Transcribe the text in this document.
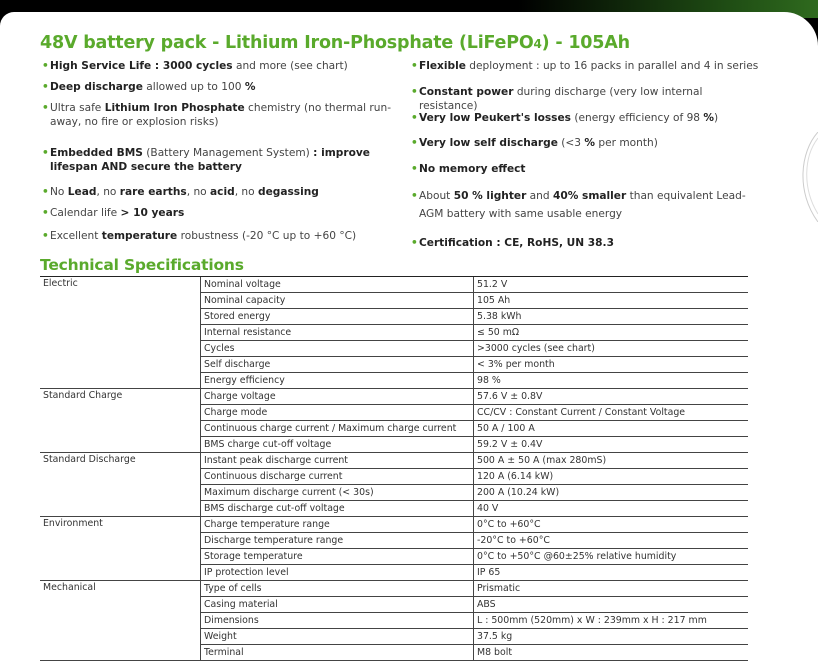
48V battery pack - Lithium Iron-Phosphate (LiFePO4) - 105Ah
• High Service Life : 3000 cycles and more (see chart)
• Deep discharge allowed up to 100 %
• Ultra safe Lithium Iron Phosphate chemistry (no thermal run-away, no fire or explosion risks)
• Embedded BMS (Battery Management System) : improve lifespan AND secure the battery
• No Lead, no rare earths, no acid, no degassing
• Calendar life > 10 years
• Excellent temperature robustness (-20 °C up to +60 °C)
• Flexible deployment : up to 16 packs in parallel and 4 in series
• Constant power during discharge (very low internal resistance)
• Very low Peukert's losses (energy efficiency of 98 %)
• Very low self discharge (<3 % per month)
• No memory effect
• About 50 % lighter and 40% smaller than equivalent Lead-AGM battery with same usable energy
• Certification : CE, RoHS, UN 38.3
Technical Specifications
Electric	Nominal voltage	51.2 V
	Nominal capacity	105 Ah
	Stored energy	5.38 kWh
	Internal resistance	≤ 50 mΩ
	Cycles	>3000 cycles (see chart)
	Self discharge	< 3% per month
	Energy efficiency	98 %
Standard Charge	Charge voltage	57.6 V ± 0.8V
	Charge mode	CC/CV : Constant Current / Constant Voltage
	Continuous charge current / Maximum charge current	50 A / 100 A
	BMS charge cut-off voltage	59.2 V ± 0.4V
Standard Discharge	Instant peak discharge current	500 A ± 50 A (max 280mS)
	Continuous discharge current	120 A (6.14 kW)
	Maximum discharge current (< 30s)	200 A (10.24 kW)
	BMS discharge cut-off voltage	40 V
Environment	Charge temperature range	0°C to +60°C
	Discharge temperature range	-20°C to +60°C
	Storage temperature	0°C to +50°C @60±25% relative humidity
	IP protection level	IP 65
Mechanical	Type of cells	Prismatic
	Casing material	ABS
	Dimensions	L : 500mm (520mm) x W : 239mm x H : 217 mm
	Weight	37.5 kg
	Terminal	M8 bolt
